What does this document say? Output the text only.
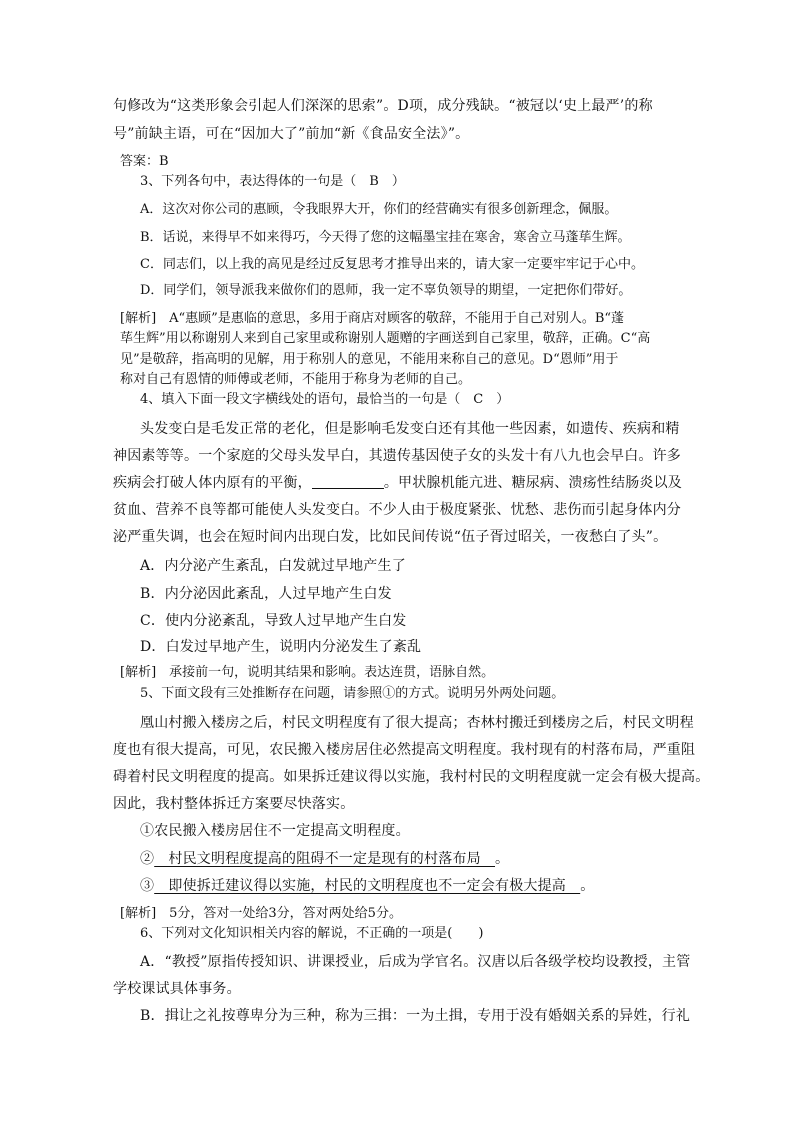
句修改为“这类形象会引起人们深深的思索”。D项，成分残缺。“被冠以‘史上最严’的称
号”前缺主语，可在“因加大了”前加“新《食品安全法》”。
答案：B
3、下列各句中，表达得体的一句是（　B　）
A．这次对你公司的惠顾，令我眼界大开，你们的经营确实有很多创新理念，佩服。
B．话说，来得早不如来得巧，今天得了您的这幅墨宝挂在寒舍，寒舍立马蓬荜生辉。
C．同志们，以上我的高见是经过反复思考才推导出来的，请大家一定要牢牢记于心中。
D．同学们，领导派我来做你们的恩师，我一定不辜负领导的期望，一定把你们带好。
[解析]　A“惠顾”是惠临的意思，多用于商店对顾客的敬辞，不能用于自己对别人。B“蓬
荜生辉”用以称谢别人来到自己家里或称谢别人题赠的字画送到自己家里，敬辞，正确。C“高
见”是敬辞，指高明的见解，用于称别人的意见，不能用来称自己的意见。D“恩师”用于
称对自己有恩情的师傅或老师，不能用于称身为老师的自己。
4、填入下面一段文字横线处的语句，最恰当的一句是（　C　）
头发变白是毛发正常的老化，但是影响毛发变白还有其他一些因素，如遗传、疾病和精
神因素等等。一个家庭的父母头发早白，其遗传基因使子女的头发十有八九也会早白。许多
疾病会打破人体内原有的平衡，	。甲状腺机能亢进、糖尿病、溃疡性结肠炎以及
贫血、营养不良等都可能使人头发变白。不少人由于极度紧张、忧愁、悲伤而引起身体内分
泌严重失调，也会在短时间内出现白发，比如民间传说“伍子胥过昭关，一夜愁白了头”。
A．内分泌产生紊乱，白发就过早地产生了
B．内分泌因此紊乱，人过早地产生白发
C．使内分泌紊乱，导致人过早地产生白发
D．白发过早地产生，说明内分泌发生了紊乱
[解析]　承接前一句，说明其结果和影响。表达连贯，语脉自然。
5、下面文段有三处推断存在问题，请参照①的方式。说明另外两处问题。
凰山村搬入楼房之后，村民文明程度有了很大提高；杏林村搬迁到楼房之后，村民文明程
度也有很大提高，可见，农民搬入楼房居住必然提高文明程度。我村现有的村落布局，严重阻
碍着村民文明程度的提高。如果拆迁建议得以实施，我村村民的文明程度就一定会有极大提高。
因此，我村整体拆迁方案要尽快落实。
①农民搬入楼房居住不一定提高文明程度。
②　村民文明程度提高的阻碍不一定是现有的村落布局　。
③　即使拆迁建议得以实施，村民的文明程度也不一定会有极大提高　。
[解析]　5分，答对一处给3分，答对两处给5分。
6、下列对文化知识相关内容的解说，不正确的一项是(　　)
A．“教授”原指传授知识、讲课授业，后成为学官名。汉唐以后各级学校均设教授，主管
学校课试具体事务。
B．揖让之礼按尊卑分为三种，称为三揖：一为土揖，专用于没有婚姻关系的异姓，行礼
